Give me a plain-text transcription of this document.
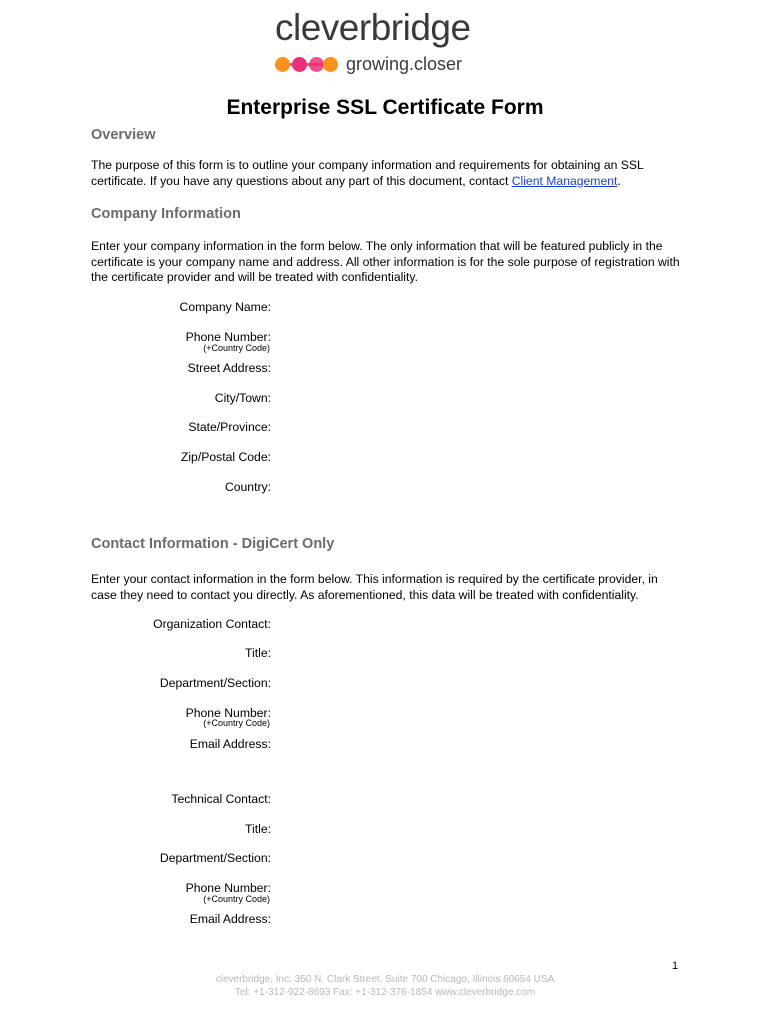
cleverbridge
growing.closer
Enterprise SSL Certificate Form
Overview
The purpose of this form is to outline your company information and requirements for obtaining an SSL certificate. If you have any questions about any part of this document, contact Client Management.
Company Information
Enter your company information in the form below. The only information that will be featured publicly in the certificate is your company name and address. All other information is for the sole purpose of registration with the certificate provider and will be treated with confidentiality.
Company Name:
Phone Number:
(+Country Code)
Street Address:
City/Town:
State/Province:
Zip/Postal Code:
Country:
Contact Information - DigiCert Only
Enter your contact information in the form below. This information is required by the certificate provider, in case they need to contact you directly. As aforementioned, this data will be treated with confidentiality.
Organization Contact:
Title:
Department/Section:
Phone Number:
(+Country Code)
Email Address:
Technical Contact:
Title:
Department/Section:
Phone Number:
(+Country Code)
Email Address:
1
cleverbridge, Inc. 350 N. Clark Street, Suite 700 Chicago, Illinois 60654 USA
Tel: +1-312-922-8693 Fax: +1-312-376-1854 www.cleverbridge.com
